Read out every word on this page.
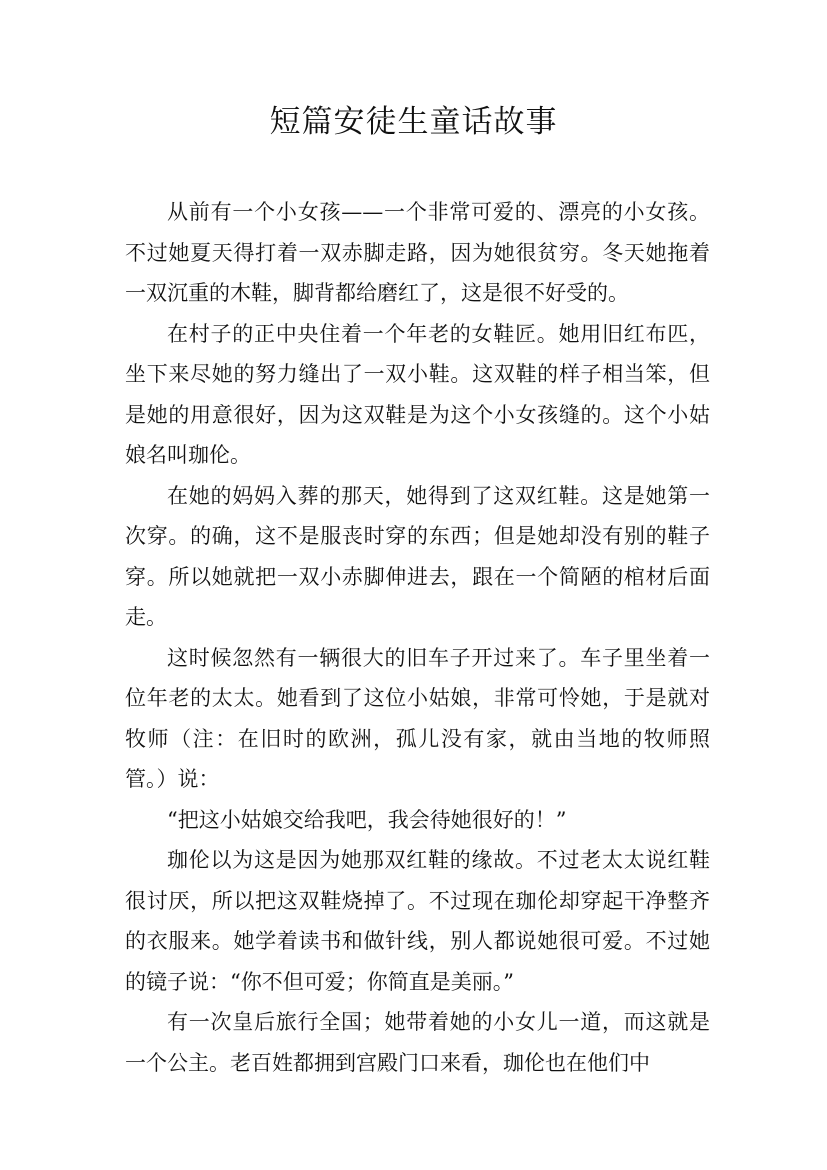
短篇安徒生童话故事

从前有一个小女孩——一个非常可爱的、漂亮的小女孩。不过她夏天得打着一双赤脚走路，因为她很贫穷。冬天她拖着一双沉重的木鞋，脚背都给磨红了，这是很不好受的。

在村子的正中央住着一个年老的女鞋匠。她用旧红布匹，坐下来尽她的努力缝出了一双小鞋。这双鞋的样子相当笨，但是她的用意很好，因为这双鞋是为这个小女孩缝的。这个小姑娘名叫珈伦。

在她的妈妈入葬的那天，她得到了这双红鞋。这是她第一次穿。的确，这不是服丧时穿的东西；但是她却没有别的鞋子穿。所以她就把一双小赤脚伸进去，跟在一个简陋的棺材后面走。

这时候忽然有一辆很大的旧车子开过来了。车子里坐着一位年老的太太。她看到了这位小姑娘，非常可怜她，于是就对牧师（注：在旧时的欧洲，孤儿没有家，就由当地的牧师照管。）说：

“把这小姑娘交给我吧，我会待她很好的！”

珈伦以为这是因为她那双红鞋的缘故。不过老太太说红鞋很讨厌，所以把这双鞋烧掉了。不过现在珈伦却穿起干净整齐的衣服来。她学着读书和做针线，别人都说她很可爱。不过她的镜子说：“你不但可爱；你简直是美丽。”

有一次皇后旅行全国；她带着她的小女儿一道，而这就是一个公主。老百姓都拥到宫殿门口来看，珈伦也在他们中
